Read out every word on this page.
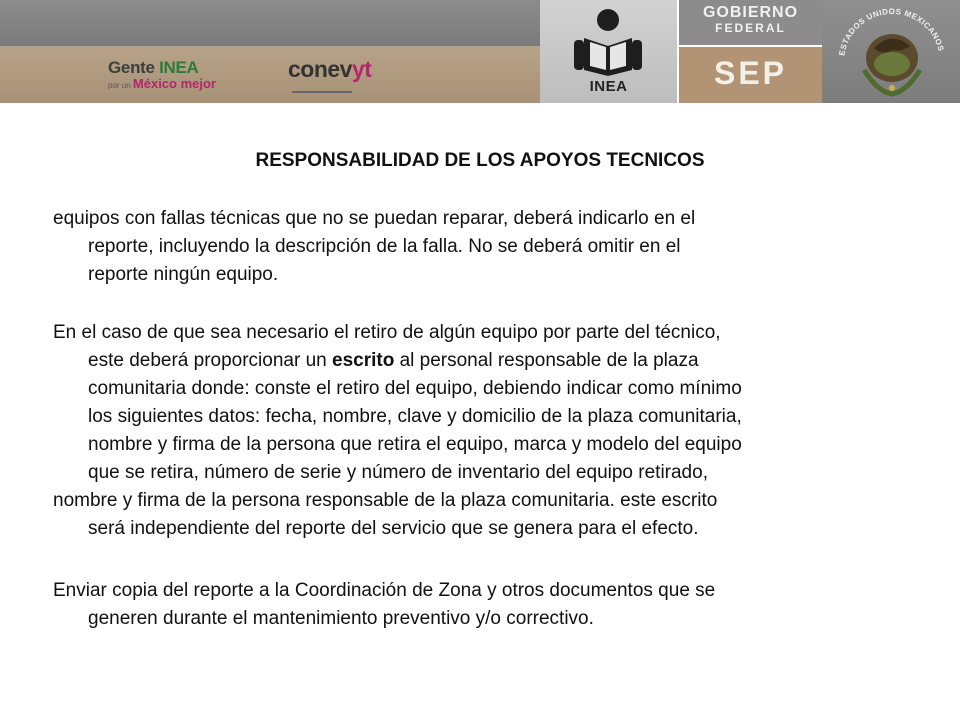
Gente INEA
por un México mejor
conevyt
INEA
GOBIERNO
FEDERAL
SEP
ESTADOS UNIDOS MEXICANOS
RESPONSABILIDAD DE LOS APOYOS TECNICOS
equipos con fallas técnicas que no se puedan reparar, deberá indicarlo en el
reporte, incluyendo la descripción de la falla. No se deberá omitir en el
reporte ningún equipo.
En el caso de que sea necesario el retiro de algún equipo por parte del técnico,
este deberá proporcionar un escrito al personal responsable de la plaza
comunitaria donde: conste el retiro del equipo, debiendo indicar como mínimo
los siguientes datos: fecha, nombre, clave y domicilio de la plaza comunitaria,
nombre y firma de la persona que retira el equipo, marca y modelo del equipo
que se retira, número de serie y número de inventario del equipo retirado,
nombre y firma de la persona responsable de la plaza comunitaria. este escrito
será independiente del reporte del servicio que se genera para el efecto.
Enviar copia del reporte a la Coordinación de Zona y otros documentos que se
generen durante el mantenimiento preventivo y/o correctivo.
